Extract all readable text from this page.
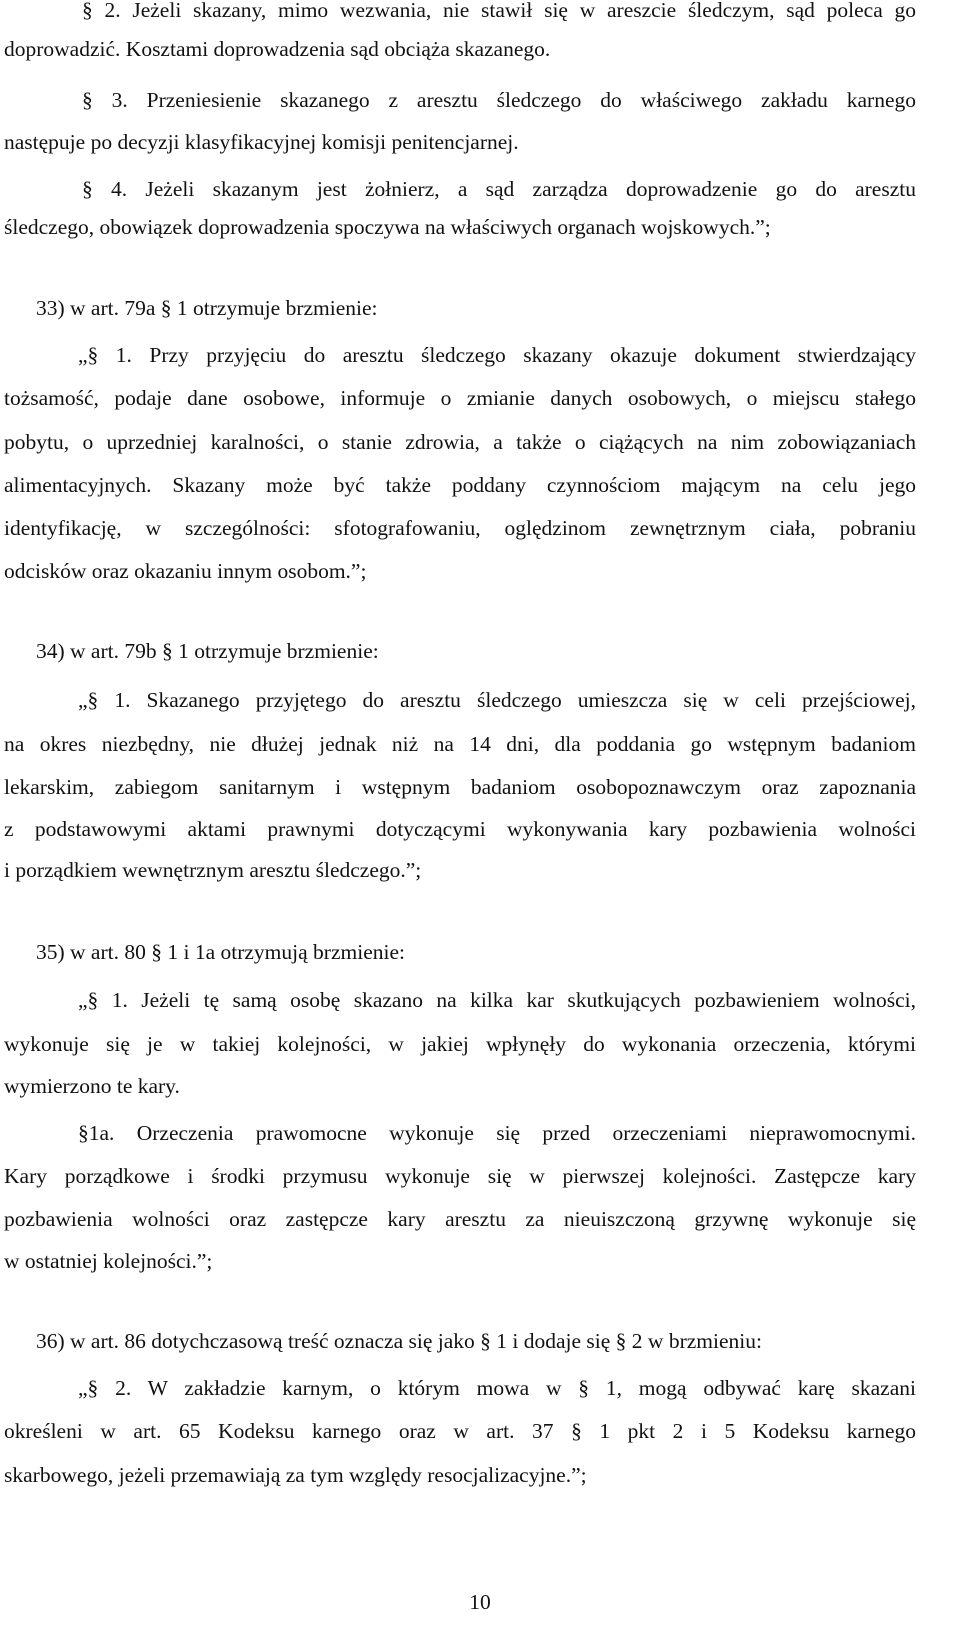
§ 2. Jeżeli skazany, mimo wezwania, nie stawił się w areszcie śledczym, sąd poleca go
doprowadzić. Kosztami doprowadzenia sąd obciąża skazanego.
§ 3. Przeniesienie skazanego z aresztu śledczego do właściwego zakładu karnego
następuje po decyzji klasyfikacyjnej komisji penitencjarnej.
§ 4. Jeżeli skazanym jest żołnierz, a sąd zarządza doprowadzenie go do aresztu
śledczego, obowiązek doprowadzenia spoczywa na właściwych organach wojskowych.”;
33) w art. 79a § 1 otrzymuje brzmienie:
„§ 1. Przy przyjęciu do aresztu śledczego skazany okazuje dokument stwierdzający
tożsamość, podaje dane osobowe, informuje o zmianie danych osobowych, o miejscu stałego
pobytu, o uprzedniej karalności, o stanie zdrowia, a także o ciążących na nim zobowiązaniach
alimentacyjnych. Skazany może być także poddany czynnościom mającym na celu jego
identyfikację, w szczególności: sfotografowaniu, oględzinom zewnętrznym ciała, pobraniu
odcisków oraz okazaniu innym osobom.”;
34) w art. 79b § 1 otrzymuje brzmienie:
„§ 1. Skazanego przyjętego do aresztu śledczego umieszcza się w celi przejściowej,
na okres niezbędny, nie dłużej jednak niż na 14 dni, dla poddania go wstępnym badaniom
lekarskim, zabiegom sanitarnym i wstępnym badaniom osobopoznawczym oraz zapoznania
z podstawowymi aktami prawnymi dotyczącymi wykonywania kary pozbawienia wolności
i porządkiem wewnętrznym aresztu śledczego.”;
35) w art. 80 § 1 i 1a otrzymują brzmienie:
„§ 1. Jeżeli tę samą osobę skazano na kilka kar skutkujących pozbawieniem wolności,
wykonuje się je w takiej kolejności, w jakiej wpłynęły do wykonania orzeczenia, którymi
wymierzono te kary.
§1a. Orzeczenia prawomocne wykonuje się przed orzeczeniami nieprawomocnymi.
Kary porządkowe i środki przymusu wykonuje się w pierwszej kolejności. Zastępcze kary
pozbawienia wolności oraz zastępcze kary aresztu za nieuiszczoną grzywnę wykonuje się
w ostatniej kolejności.”;
36) w art. 86 dotychczasową treść oznacza się jako § 1 i dodaje się § 2 w brzmieniu:
„§ 2. W zakładzie karnym, o którym mowa w § 1, mogą odbywać karę skazani
określeni w art. 65 Kodeksu karnego oraz w art. 37 § 1 pkt 2 i 5 Kodeksu karnego
skarbowego, jeżeli przemawiają za tym względy resocjalizacyjne.”;
10
